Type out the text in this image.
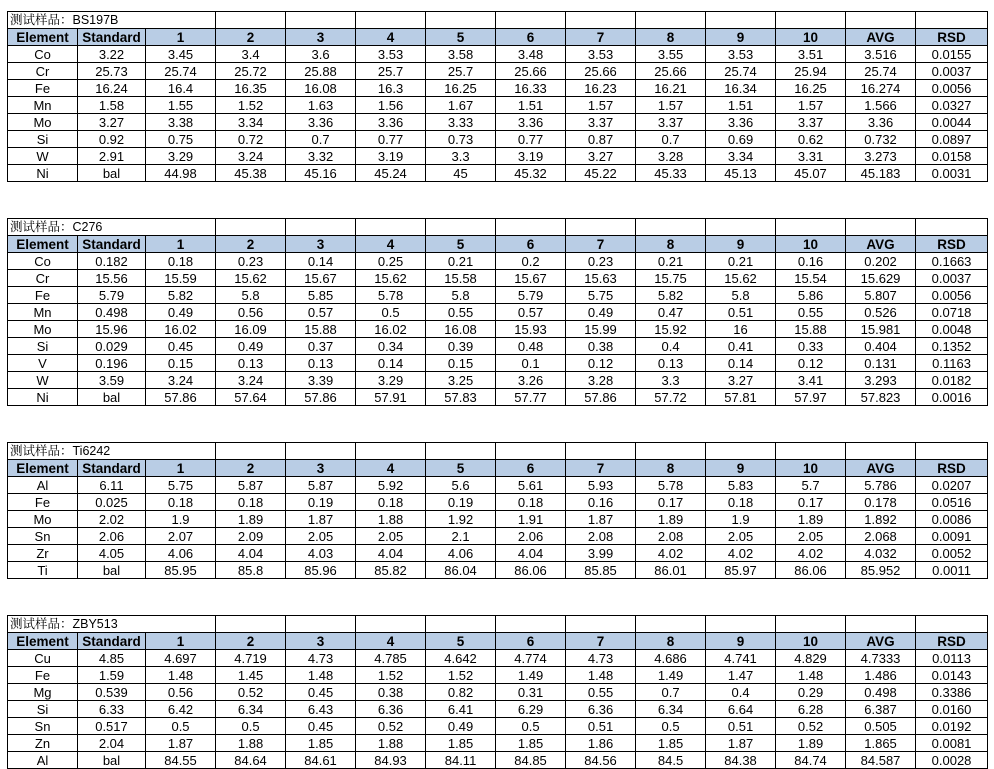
测试样品：BS197B													
Element	Standard	1	2	3	4	5	6	7	8	9	10	AVG	RSD
Co	3.22	3.45	3.4	3.6	3.53	3.58	3.48	3.53	3.55	3.53	3.51	3.516	0.0155
Cr	25.73	25.74	25.72	25.88	25.7	25.7	25.66	25.66	25.66	25.74	25.94	25.74	0.0037
Fe	16.24	16.4	16.35	16.08	16.3	16.25	16.33	16.23	16.21	16.34	16.25	16.274	0.0056
Mn	1.58	1.55	1.52	1.63	1.56	1.67	1.51	1.57	1.57	1.51	1.57	1.566	0.0327
Mo	3.27	3.38	3.34	3.36	3.36	3.33	3.36	3.37	3.37	3.36	3.37	3.36	0.0044
Si	0.92	0.75	0.72	0.7	0.77	0.73	0.77	0.87	0.7	0.69	0.62	0.732	0.0897
W	2.91	3.29	3.24	3.32	3.19	3.3	3.19	3.27	3.28	3.34	3.31	3.273	0.0158
Ni	bal	44.98	45.38	45.16	45.24	45	45.32	45.22	45.33	45.13	45.07	45.183	0.0031
测试样品：C276													
Element	Standard	1	2	3	4	5	6	7	8	9	10	AVG	RSD
Co	0.182	0.18	0.23	0.14	0.25	0.21	0.2	0.23	0.21	0.21	0.16	0.202	0.1663
Cr	15.56	15.59	15.62	15.67	15.62	15.58	15.67	15.63	15.75	15.62	15.54	15.629	0.0037
Fe	5.79	5.82	5.8	5.85	5.78	5.8	5.79	5.75	5.82	5.8	5.86	5.807	0.0056
Mn	0.498	0.49	0.56	0.57	0.5	0.55	0.57	0.49	0.47	0.51	0.55	0.526	0.0718
Mo	15.96	16.02	16.09	15.88	16.02	16.08	15.93	15.99	15.92	16	15.88	15.981	0.0048
Si	0.029	0.45	0.49	0.37	0.34	0.39	0.48	0.38	0.4	0.41	0.33	0.404	0.1352
V	0.196	0.15	0.13	0.13	0.14	0.15	0.1	0.12	0.13	0.14	0.12	0.131	0.1163
W	3.59	3.24	3.24	3.39	3.29	3.25	3.26	3.28	3.3	3.27	3.41	3.293	0.0182
Ni	bal	57.86	57.64	57.86	57.91	57.83	57.77	57.86	57.72	57.81	57.97	57.823	0.0016
测试样品：Ti6242													
Element	Standard	1	2	3	4	5	6	7	8	9	10	AVG	RSD
Al	6.11	5.75	5.87	5.87	5.92	5.6	5.61	5.93	5.78	5.83	5.7	5.786	0.0207
Fe	0.025	0.18	0.18	0.19	0.18	0.19	0.18	0.16	0.17	0.18	0.17	0.178	0.0516
Mo	2.02	1.9	1.89	1.87	1.88	1.92	1.91	1.87	1.89	1.9	1.89	1.892	0.0086
Sn	2.06	2.07	2.09	2.05	2.05	2.1	2.06	2.08	2.08	2.05	2.05	2.068	0.0091
Zr	4.05	4.06	4.04	4.03	4.04	4.06	4.04	3.99	4.02	4.02	4.02	4.032	0.0052
Ti	bal	85.95	85.8	85.96	85.82	86.04	86.06	85.85	86.01	85.97	86.06	85.952	0.0011
测试样品：ZBY513													
Element	Standard	1	2	3	4	5	6	7	8	9	10	AVG	RSD
Cu	4.85	4.697	4.719	4.73	4.785	4.642	4.774	4.73	4.686	4.741	4.829	4.7333	0.0113
Fe	1.59	1.48	1.45	1.48	1.52	1.52	1.49	1.48	1.49	1.47	1.48	1.486	0.0143
Mg	0.539	0.56	0.52	0.45	0.38	0.82	0.31	0.55	0.7	0.4	0.29	0.498	0.3386
Si	6.33	6.42	6.34	6.43	6.36	6.41	6.29	6.36	6.34	6.64	6.28	6.387	0.0160
Sn	0.517	0.5	0.5	0.45	0.52	0.49	0.5	0.51	0.5	0.51	0.52	0.505	0.0192
Zn	2.04	1.87	1.88	1.85	1.88	1.85	1.85	1.86	1.85	1.87	1.89	1.865	0.0081
Al	bal	84.55	84.64	84.61	84.93	84.11	84.85	84.56	84.5	84.38	84.74	84.587	0.0028
